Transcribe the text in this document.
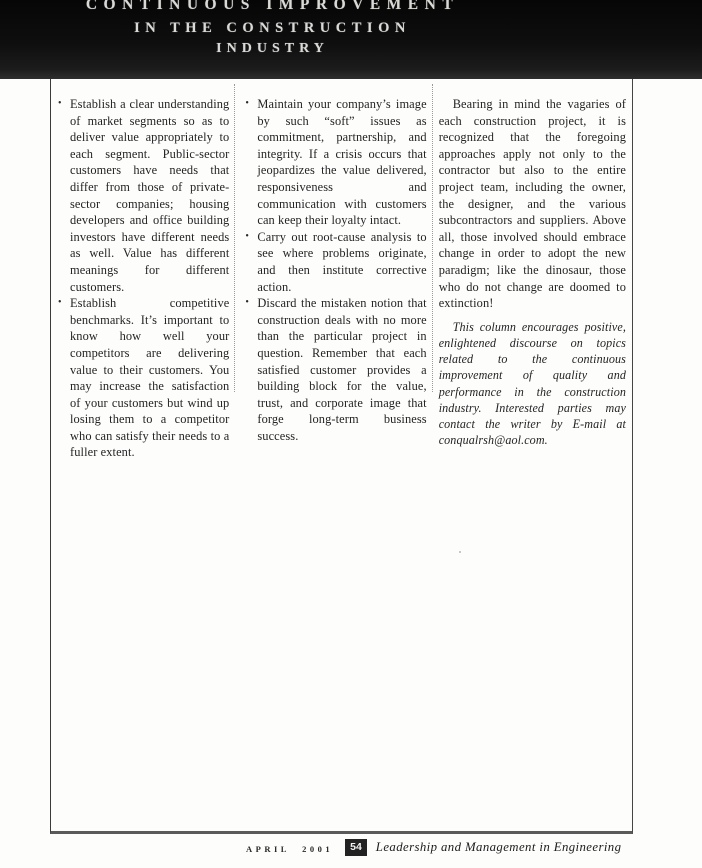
CONTINUOUS IMPROVEMENT
IN THE CONSTRUCTION
INDUSTRY
• Establish a clear understanding of market segments so as to deliver value appropriately to each segment. Public-sector customers have needs that differ from those of private-sector companies; housing developers and office building investors have different needs as well. Value has different meanings for different customers.
• Establish competitive benchmarks. It’s important to know how well your competitors are delivering value to their customers. You may increase the satisfaction of your customers but wind up losing them to a competitor who can satisfy their needs to a fuller extent.
• Maintain your company’s image by such “soft” issues as commitment, partnership, and integrity. If a crisis occurs that jeopardizes the value delivered, responsiveness and communication with customers can keep their loyalty intact.
• Carry out root-cause analysis to see where problems originate, and then institute corrective action.
• Discard the mistaken notion that construction deals with no more than the particular project in question. Remember that each satisfied customer provides a building block for the value, trust, and corporate image that forge long-term business success.

Bearing in mind the vagaries of each construction project, it is recognized that the foregoing approaches apply not only to the contractor but also to the entire project team, including the owner, the designer, and the various subcontractors and suppliers. Above all, those involved should embrace change in order to adopt the new paradigm; like the dinosaur, those who do not change are doomed to extinction!

This column encourages positive, enlightened discourse on topics related to the continuous improvement of quality and performance in the construction industry. Interested parties may contact the writer by E-mail at conqualrsh@aol.com.

APRIL 2001	54	Leadership and Management in Engineering
